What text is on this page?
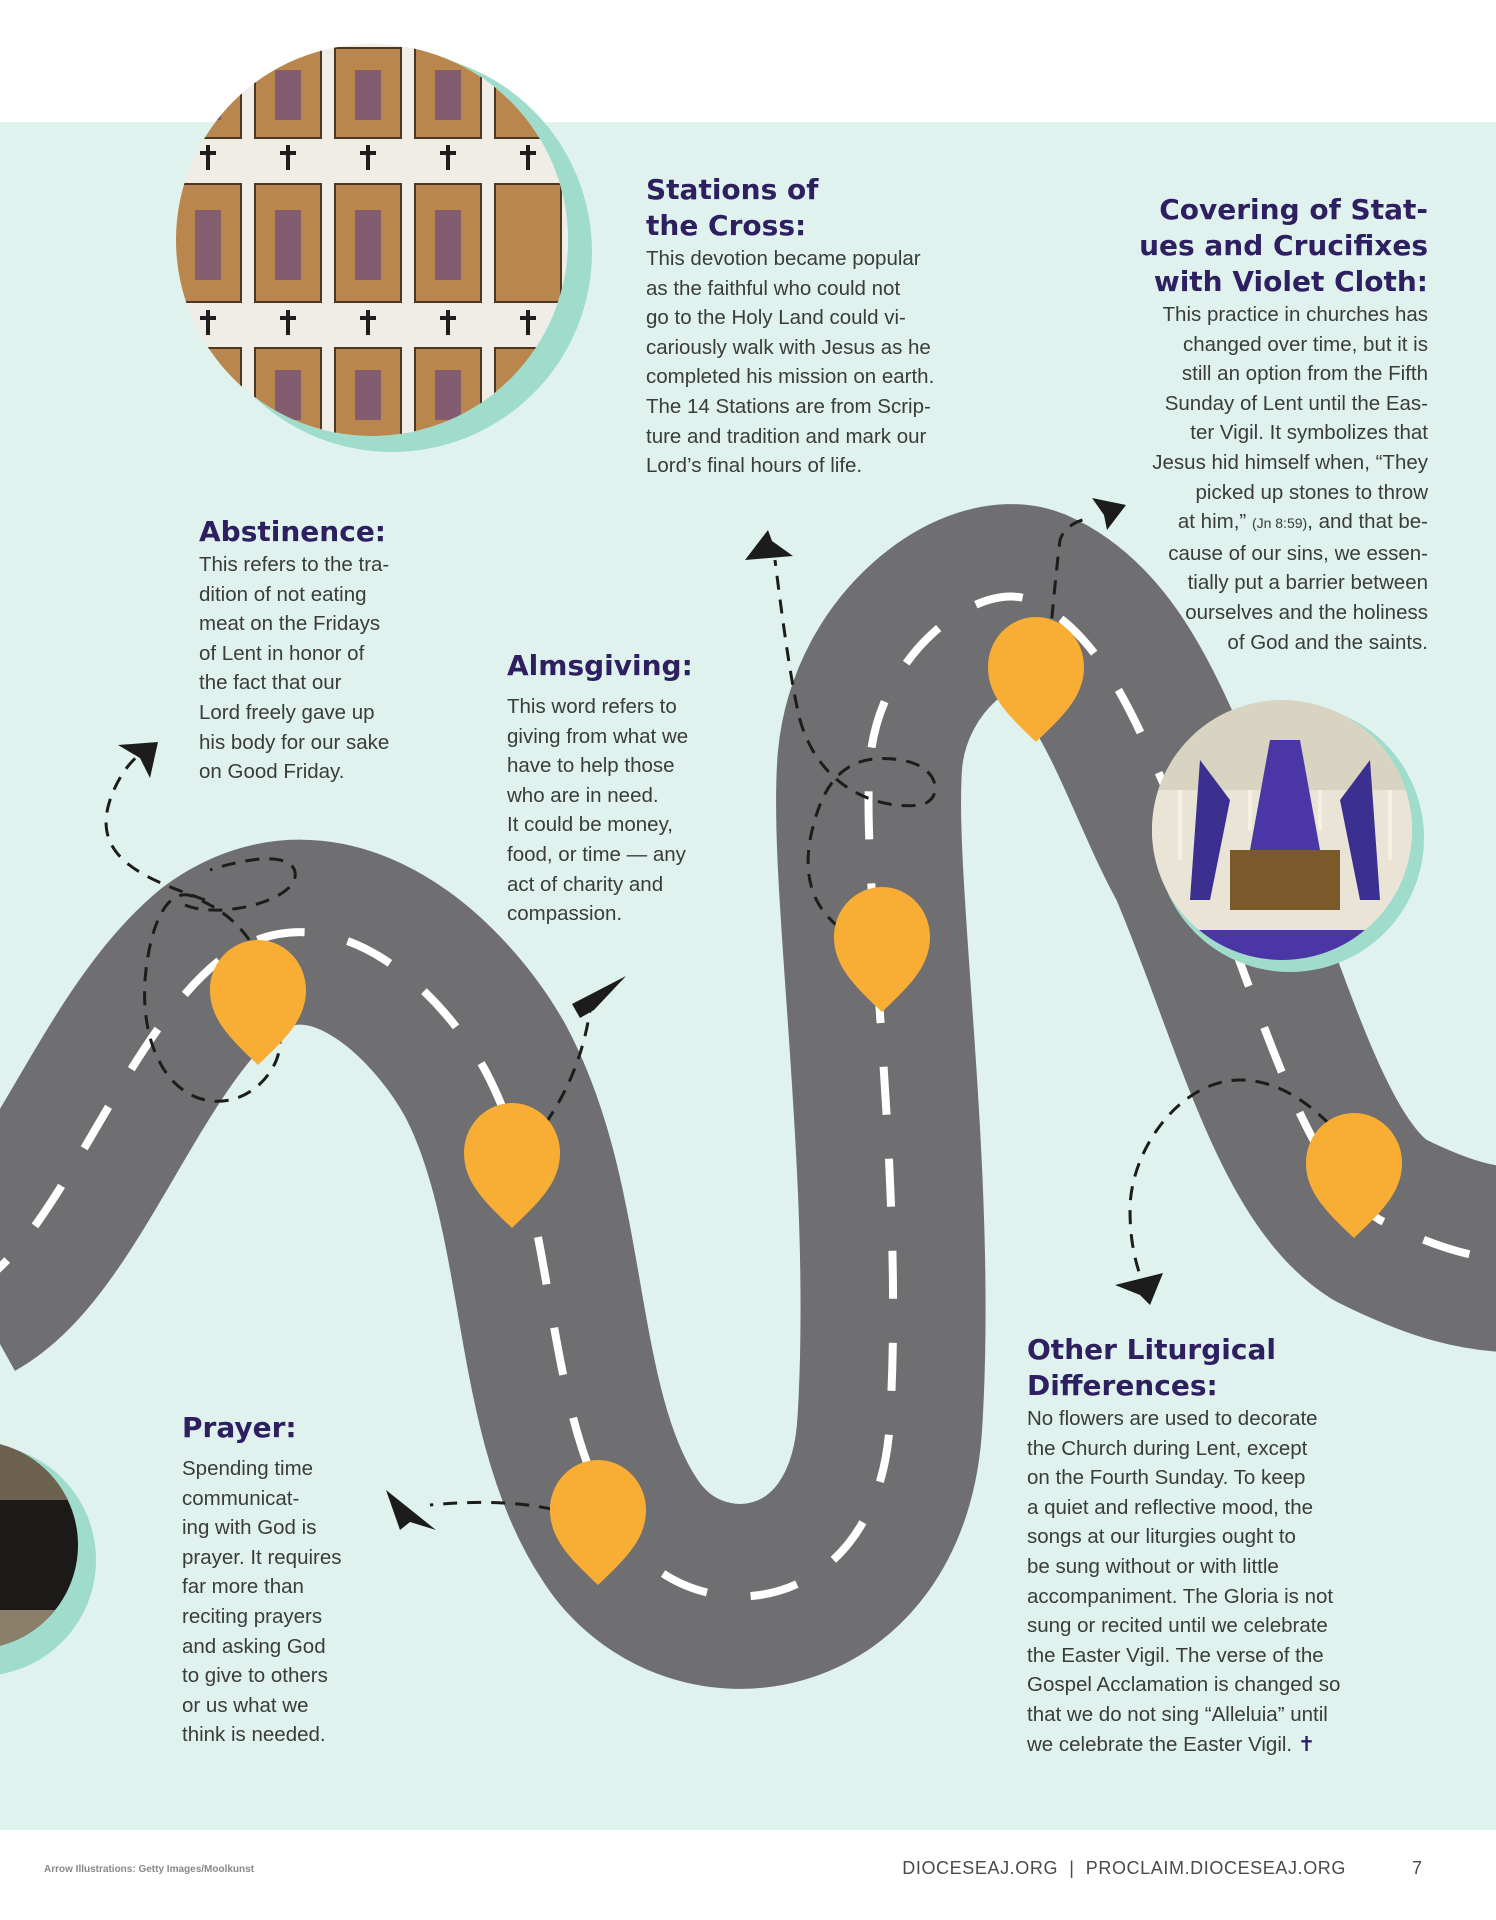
Stations of
the Cross:

This devotion became popular
as the faithful who could not
go to the Holy Land could vi-
cariously walk with Jesus as he
completed his mission on earth.
The 14 Stations are from Scrip-
ture and tradition and mark our
Lord’s final hours of life.

Covering of Stat-
ues and Crucifixes
with Violet Cloth:

This practice in churches has
changed over time, but it is
still an option from the Fifth
Sunday of Lent until the Eas-
ter Vigil. It symbolizes that
Jesus hid himself when, “They
picked up stones to throw
at him,” (Jn 8:59), and that be-
cause of our sins, we essen-
tially put a barrier between
ourselves and the holiness
of God and the saints.

Abstinence:

This refers to the tra-
dition of not eating
meat on the Fridays
of Lent in honor of
the fact that our
Lord freely gave up
his body for our sake
on Good Friday.

Almsgiving:

This word refers to
giving from what we
have to help those
who are in need.
It could be money,
food, or time — any
act of charity and
compassion.

Prayer:

Spending time
communicat-
ing with God is
prayer. It requires
far more than
reciting prayers
and asking God
to give to others
or us what we
think is needed.

Other Liturgical
Differences:

No flowers are used to decorate
the Church during Lent, except
on the Fourth Sunday. To keep
a quiet and reflective mood, the
songs at our liturgies ought to
be sung without or with little
accompaniment. The Gloria is not
sung or recited until we celebrate
the Easter Vigil. The verse of the
Gospel Acclamation is changed so
that we do not sing “Alleluia” until
we celebrate the Easter Vigil. ✝

Arrow Illustrations: Getty Images/Moolkunst	DIOCESEAJ.ORG  |  PROCLAIM.DIOCESEAJ.ORG	7
